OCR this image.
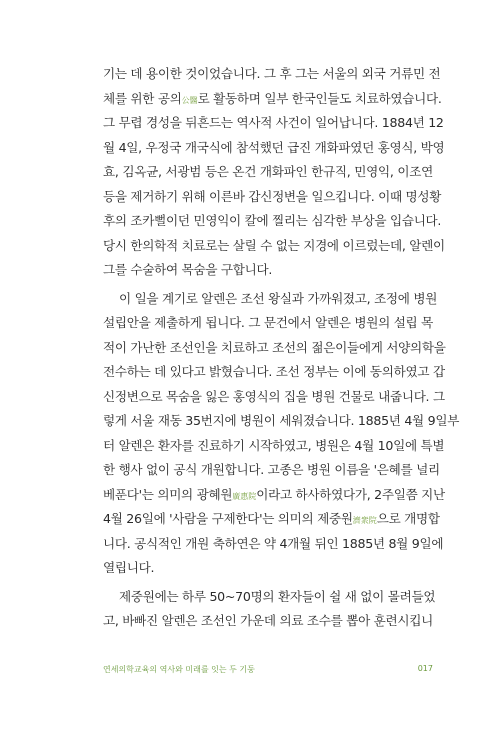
기는 데 용이한 것이었습니다. 그 후 그는 서울의 외국 거류민 전
체를 위한 공의公醫로 활동하며 일부 한국인들도 치료하였습니다.
그 무렵 경성을 뒤흔드는 역사적 사건이 일어납니다. 1884년 12
월 4일, 우정국 개국식에 참석했던 급진 개화파였던 홍영식, 박영
효, 김옥균, 서광범 등은 온건 개화파인 한규직, 민영익, 이조연
등을 제거하기 위해 이른바 갑신정변을 일으킵니다. 이때 명성황
후의 조카뻘이던 민영익이 칼에 찔리는 심각한 부상을 입습니다.
당시 한의학적 치료로는 살릴 수 없는 지경에 이르렀는데, 알렌이
그를 수술하여 목숨을 구합니다.
이 일을 계기로 알렌은 조선 왕실과 가까워졌고, 조정에 병원
설립안을 제출하게 됩니다. 그 문건에서 알렌은 병원의 설립 목
적이 가난한 조선인을 치료하고 조선의 젊은이들에게 서양의학을
전수하는 데 있다고 밝혔습니다. 조선 정부는 이에 동의하였고 갑
신정변으로 목숨을 잃은 홍영식의 집을 병원 건물로 내줍니다. 그
렇게 서울 재동 35번지에 병원이 세워졌습니다. 1885년 4월 9일부
터 알렌은 환자를 진료하기 시작하였고, 병원은 4월 10일에 특별
한 행사 없이 공식 개원합니다. 고종은 병원 이름을 '은혜를 널리
베푼다'는 의미의 광혜원廣惠院이라고 하사하였다가, 2주일쯤 지난
4월 26일에 '사람을 구제한다'는 의미의 제중원濟衆院으로 개명합
니다. 공식적인 개원 축하연은 약 4개월 뒤인 1885년 8월 9일에
열립니다.
제중원에는 하루 50~70명의 환자들이 쉴 새 없이 몰려들었
고, 바빠진 알렌은 조선인 가운데 의료 조수를 뽑아 훈련시킵니
연세의학교육의 역사와 미래를 잇는 두 기둥	017
